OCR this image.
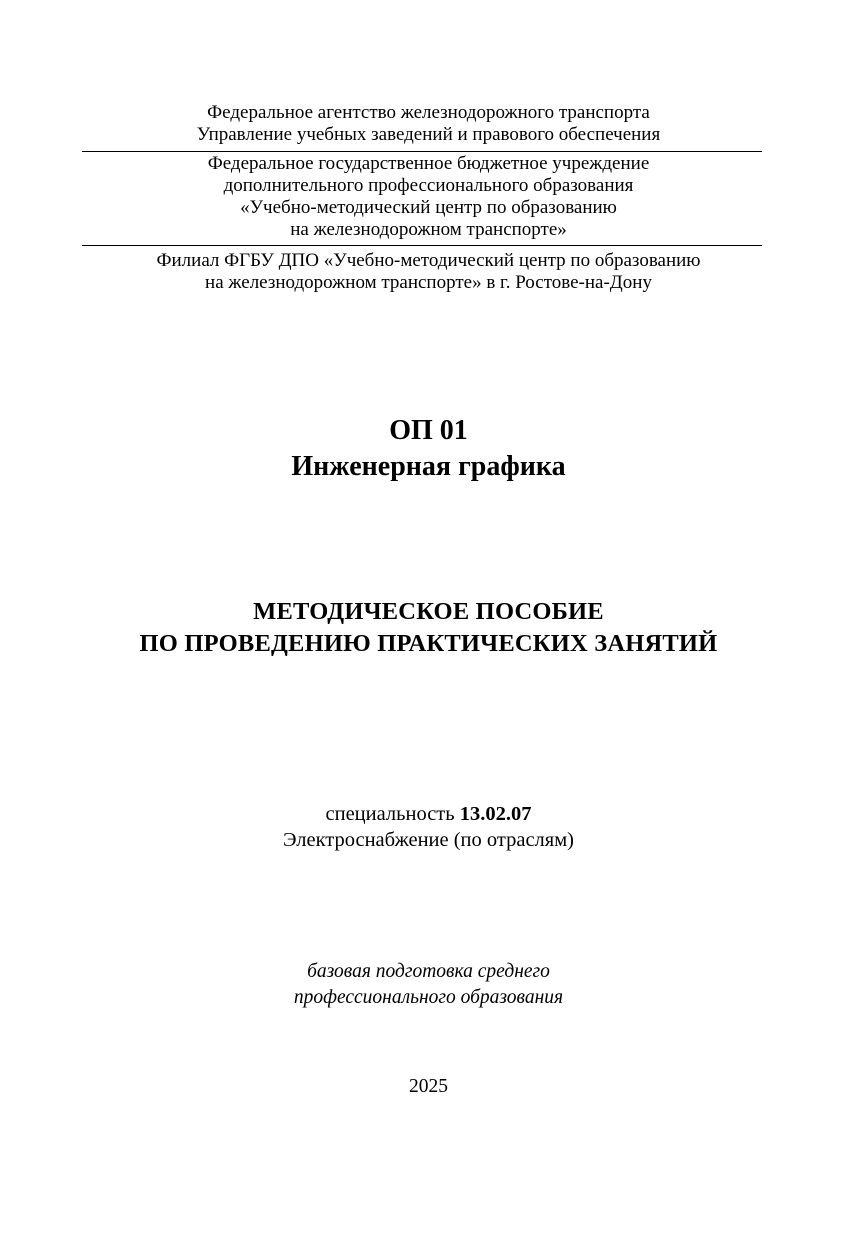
Федеральное агентство железнодорожного транспорта
Управление учебных заведений и правового обеспечения
Федеральное государственное бюджетное учреждение
дополнительного профессионального образования
«Учебно-методический центр по образованию
на железнодорожном транспорте»
Филиал ФГБУ ДПО «Учебно-методический центр по образованию
на железнодорожном транспорте» в г. Ростове-на-Дону
ОП 01
Инженерная графика
МЕТОДИЧЕСКОЕ ПОСОБИЕ
ПО ПРОВЕДЕНИЮ ПРАКТИЧЕСКИХ ЗАНЯТИЙ
специальность 13.02.07
Электроснабжение (по отраслям)
базовая подготовка среднего
профессионального образования
2025
